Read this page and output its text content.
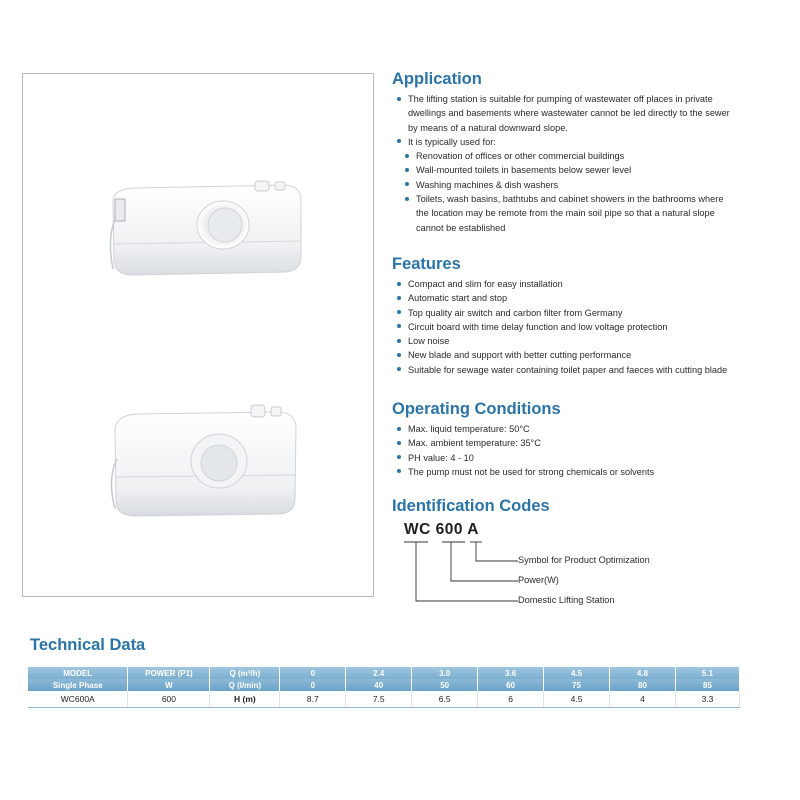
Application
The lifting station is suitable for pumping of wastewater off places in private dwellings and basements where wastewater cannot be led directly to the sewer by means of a natural downward slope.
It is typically used for:
Renovation of offices or other commercial buildings
Wall-mounted toilets in basements below sewer level
Washing machines & dish washers
Toilets, wash basins, bathtubs and cabinet showers in the bathrooms where the location may be remote from the main soil pipe so that a natural slope cannot be established
Features
Compact and slim for easy installation
Automatic start and stop
Top quality air switch and carbon filter from Germany
Circuit board with time delay function and low voltage protection
Low noise
New blade and support with better cutting performance
Suitable for sewage water containing toilet paper and faeces with cutting blade
Operating Conditions
Max. liquid temperature: 50°C
Max. ambient temperature: 35°C
PH value: 4 - 10
The pump must not be used for strong chemicals or solvents
Identification Codes
WC 600 A
Symbol for Product Optimization
Power(W)
Domestic Lifting Station
Technical Data
MODEL	POWER (P1)	Q (m³/h)	0	2.4	3.0	3.6	4.5	4.8	5.1
Single Phase	W	Q (l/min)	0	40	50	60	75	80	85
WC600A	600	H (m)	8.7	7.5	6.5	6	4.5	4	3.3
